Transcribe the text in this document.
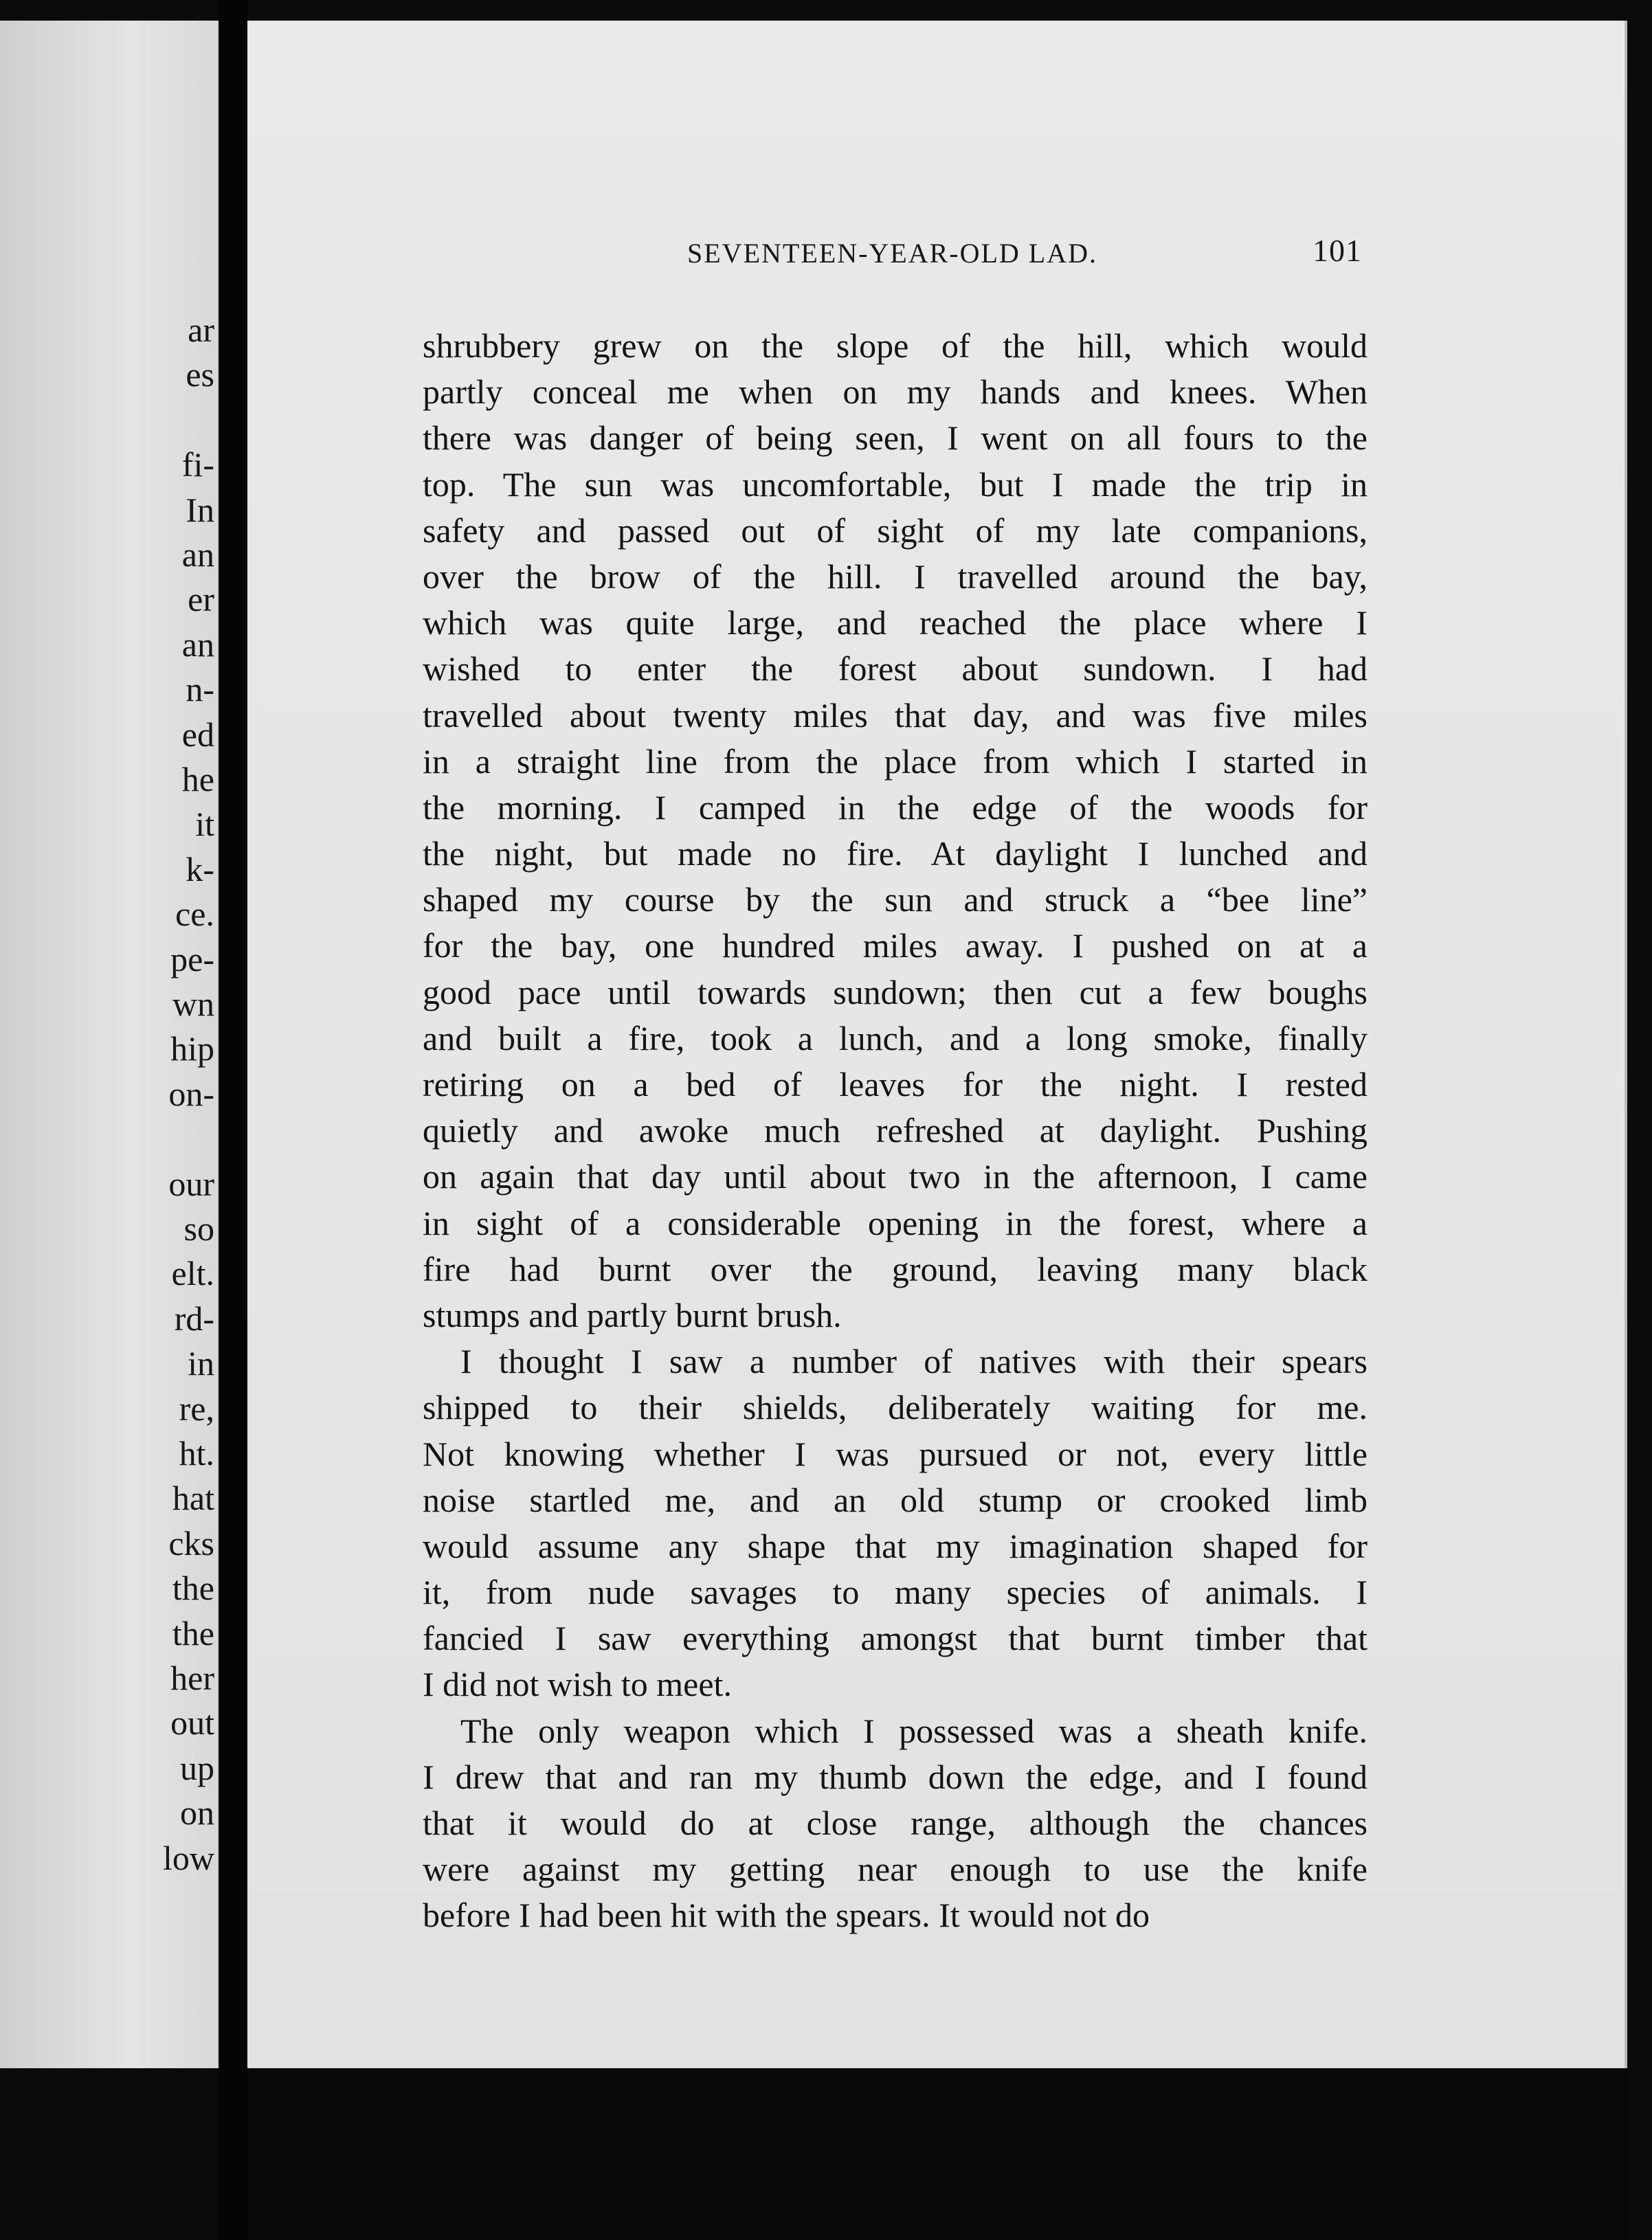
ar

es

fi-

In

an

er

an

n-

ed

he

it

k-

ce.

pe-

wn

hip

on-

our

so

elt.

rd-

in

re,

ht.

hat

cks

the

the

her

out

up

on

low

SEVENTEEN-YEAR-OLD LAD.	101
shrubbery grew on the slope of the hill, which would
partly conceal me when on my hands and knees. When
there was danger of being seen, I went on all fours to the
top. The sun was uncomfortable, but I made the trip in
safety and passed out of sight of my late companions,
over the brow of the hill. I travelled around the bay,
which was quite large, and reached the place where I
wished to enter the forest about sundown. I had
travelled about twenty miles that day, and was five miles
in a straight line from the place from which I started in
the morning. I camped in the edge of the woods for
the night, but made no fire. At daylight I lunched and
shaped my course by the sun and struck a “bee line”
for the bay, one hundred miles away. I pushed on at a
good pace until towards sundown; then cut a few boughs
and built a fire, took a lunch, and a long smoke, finally
retiring on a bed of leaves for the night. I rested
quietly and awoke much refreshed at daylight. Pushing
on again that day until about two in the afternoon, I came
in sight of a considerable opening in the forest, where a
fire had burnt over the ground, leaving many black
stumps and partly burnt brush.
I thought I saw a number of natives with their spears
shipped to their shields, deliberately waiting for me.
Not knowing whether I was pursued or not, every little
noise startled me, and an old stump or crooked limb
would assume any shape that my imagination shaped for
it, from nude savages to many species of animals. I
fancied I saw everything amongst that burnt timber that
I did not wish to meet.
The only weapon which I possessed was a sheath knife.
I drew that and ran my thumb down the edge, and I found
that it would do at close range, although the chances
were against my getting near enough to use the knife
before I had been hit with the spears. It would not do
